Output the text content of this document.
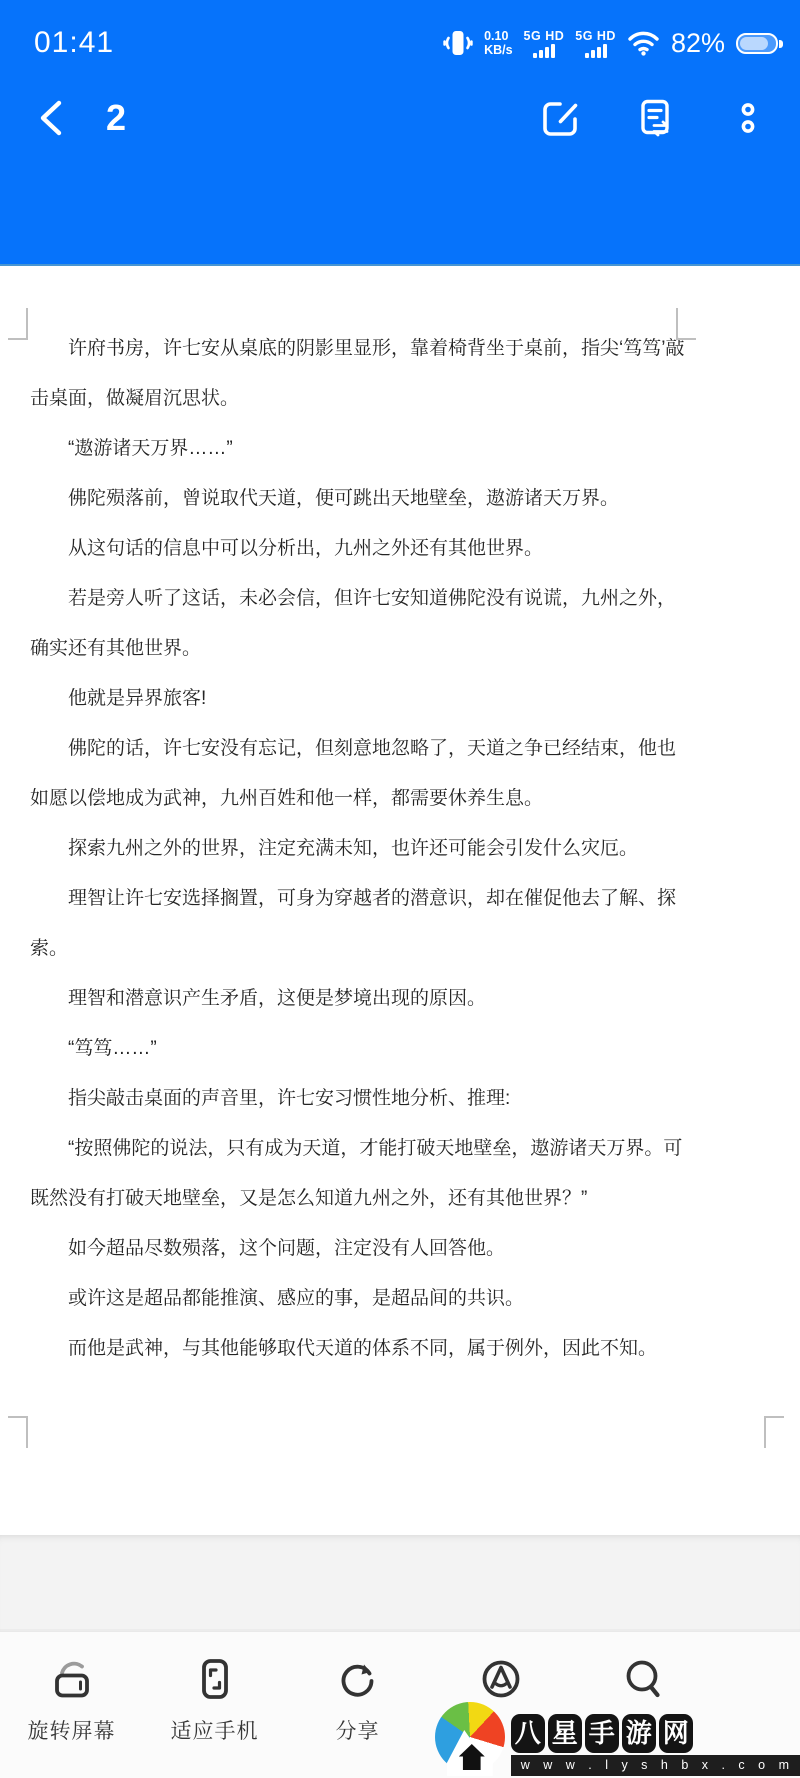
01:41	0.10
KB/s
5G HD 5G HD 82%
2

许府书房，许七安从桌底的阴影里显形，靠着椅背坐于桌前，指尖‘笃笃’敲击桌面，做凝眉沉思状。

“遨游诸天万界……”

佛陀殒落前，曾说取代天道，便可跳出天地壁垒，遨游诸天万界。

从这句话的信息中可以分析出，九州之外还有其他世界。

若是旁人听了这话，未必会信，但许七安知道佛陀没有说谎，九州之外，确实还有其他世界。

他就是异界旅客!

佛陀的话，许七安没有忘记，但刻意地忽略了，天道之争已经结束，他也如愿以偿地成为武神，九州百姓和他一样，都需要休养生息。

探索九州之外的世界，注定充满未知，也许还可能会引发什么灾厄。

理智让许七安选择搁置，可身为穿越者的潜意识，却在催促他去了解、探索。

理智和潜意识产生矛盾，这便是梦境出现的原因。

“笃笃……”

指尖敲击桌面的声音里，许七安习惯性地分析、推理:

“按照佛陀的说法，只有成为天道，才能打破天地壁垒，遨游诸天万界。可既然没有打破天地壁垒，又是怎么知道九州之外，还有其他世界？”

如今超品尽数殒落，这个问题，注定没有人回答他。

或许这是超品都能推演、感应的事，是超品间的共识。

而他是武神，与其他能够取代天道的体系不同，属于例外，因此不知。

旋转屏幕	适应手机	分享	八 星 手 游 网
w w w . l y s h b x . c o m
